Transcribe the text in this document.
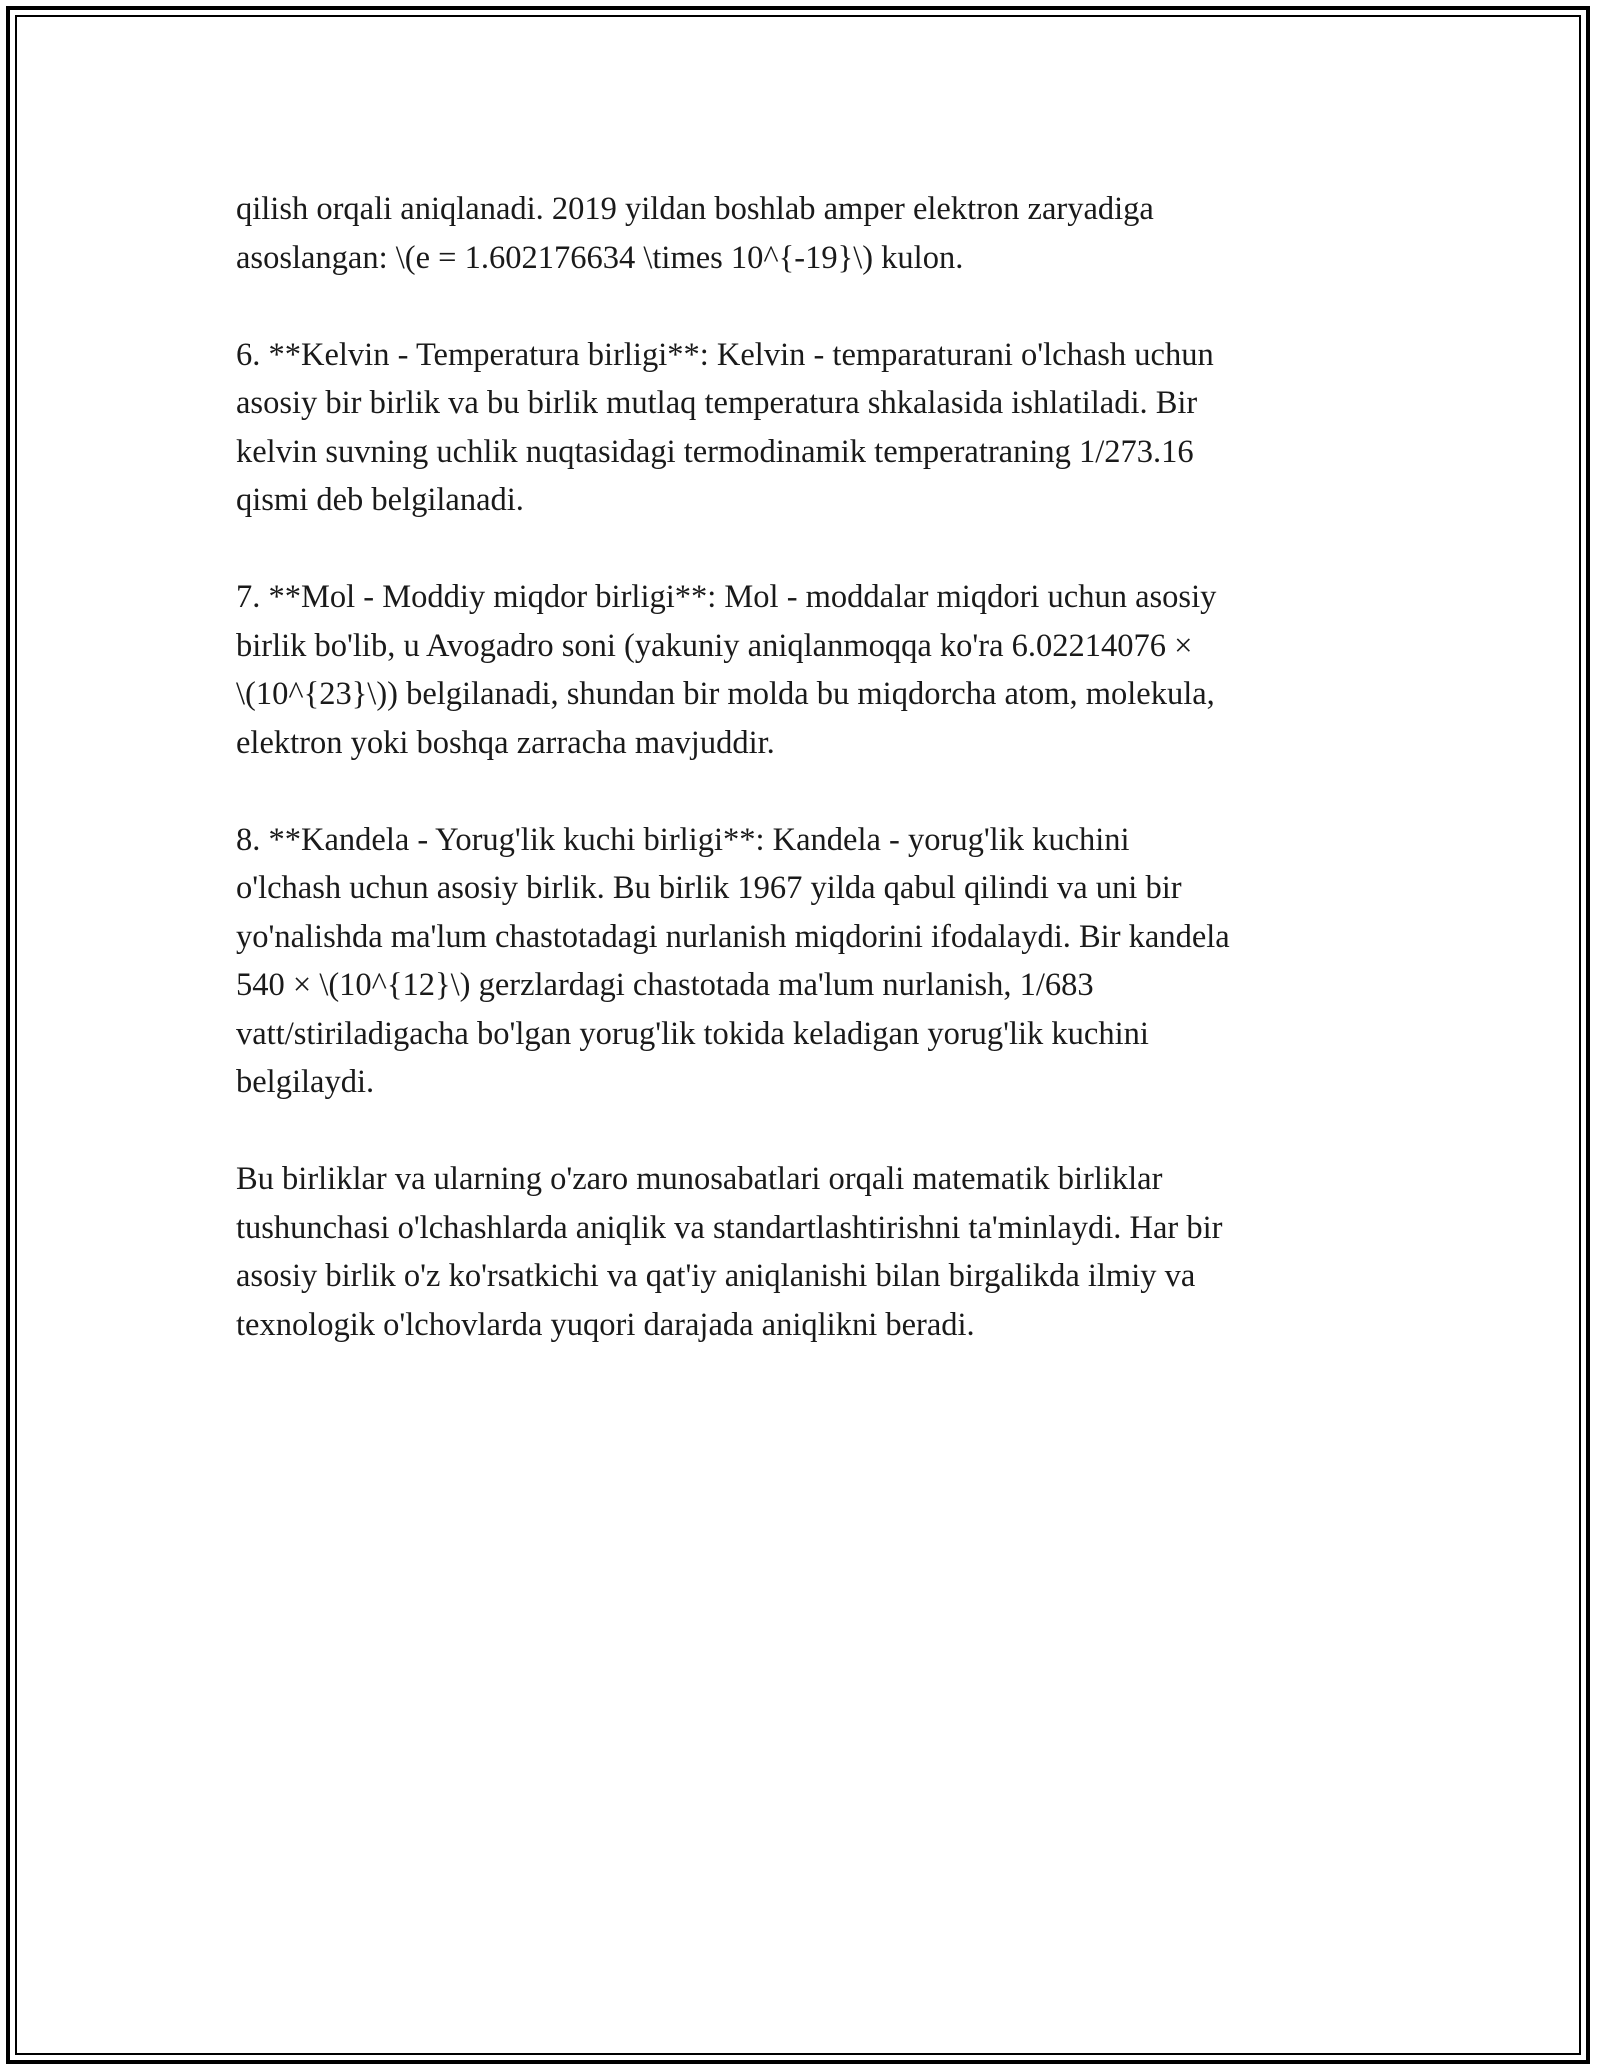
qilish orqali aniqlanadi. 2019 yildan boshlab amper elektron zaryadiga
asoslangan: \(e = 1.602176634 \times 10^{-19}\) kulon.

6. **Kelvin - Temperatura birligi**: Kelvin - temparaturani o'lchash uchun
asosiy bir birlik va bu birlik mutlaq temperatura shkalasida ishlatiladi. Bir
kelvin suvning uchlik nuqtasidagi termodinamik temperatraning 1/273.16
qismi deb belgilanadi.

7. **Mol - Moddiy miqdor birligi**: Mol - moddalar miqdori uchun asosiy
birlik bo'lib, u Avogadro soni (yakuniy aniqlanmoqqa ko'ra 6.02214076 ×
\(10^{23}\)) belgilanadi, shundan bir molda bu miqdorcha atom, molekula,
elektron yoki boshqa zarracha mavjuddir.

8. **Kandela - Yorug'lik kuchi birligi**: Kandela - yorug'lik kuchini
o'lchash uchun asosiy birlik. Bu birlik 1967 yilda qabul qilindi va uni bir
yo'nalishda ma'lum chastotadagi nurlanish miqdorini ifodalaydi. Bir kandela
540 × \(10^{12}\) gerzlardagi chastotada ma'lum nurlanish, 1/683
vatt/stiriladigacha bo'lgan yorug'lik tokida keladigan yorug'lik kuchini
belgilaydi.

Bu birliklar va ularning o'zaro munosabatlari orqali matematik birliklar
tushunchasi o'lchashlarda aniqlik va standartlashtirishni ta'minlaydi. Har bir
asosiy birlik o'z ko'rsatkichi va qat'iy aniqlanishi bilan birgalikda ilmiy va
texnologik o'lchovlarda yuqori darajada aniqlikni beradi.
